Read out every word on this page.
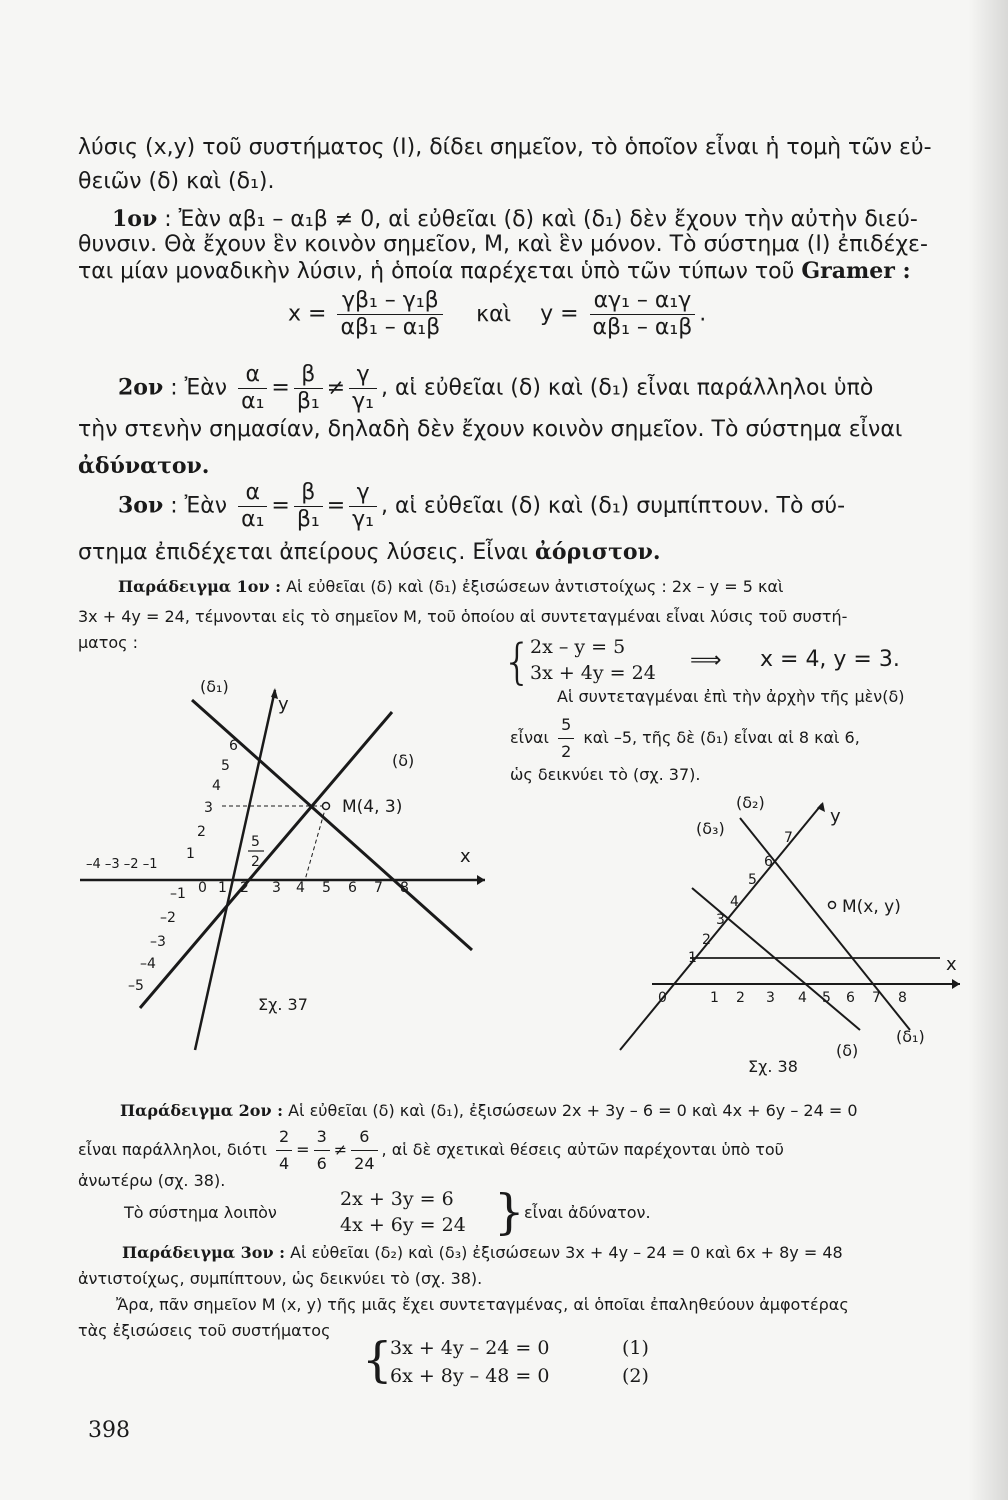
λύσις (x,y) τοῦ συστήματος (Ι), δίδει σημεῖον, τὸ ὁποῖον εἶναι ἡ τομὴ τῶν εὐ-
θειῶν (δ) καὶ (δ₁).
1ον : Ἐὰν αβ₁ – α₁β ≠ 0, αἱ εὐθεῖαι (δ) καὶ (δ₁) δὲν ἔχουν τὴν αὐτὴν διεύ-
θυνσιν. Θὰ ἔχουν ἓν κοινὸν σημεῖον, Μ, καὶ ἓν μόνον. Τὸ σύστημα (Ι) ἐπιδέχε-
ται μίαν μοναδικὴν λύσιν, ἡ ὁποία παρέχεται ὑπὸ τῶν τύπων τοῦ Gramer :
$x = \frac{\text{γβ₁ – γ₁β}}{\text{αβ₁ – α₁β}}$ καὶ $y = \frac{\text{αγ₁ – α₁γ}}{\text{αβ₁ – α₁β}}$ .
2ον : Ἐὰν $\frac{\alpha}{\text{α₁}} = \frac{\beta}{\text{β₁}} \ne \frac{\gamma}{\text{γ₁}}$ , αἱ εὐθεῖαι (δ) καὶ (δ₁) εἶναι παράλληλοι ὑπὸ
τὴν στενὴν σημασίαν, δηλαδὴ δὲν ἔχουν κοινὸν σημεῖον. Τὸ σύστημα εἶναι
ἀδύνατον.
3ον : Ἐὰν $\frac{\alpha}{\text{α₁}} = \frac{\beta}{\text{β₁}} = \frac{\gamma}{\text{γ₁}}$ , αἱ εὐθεῖαι (δ) καὶ (δ₁) συμπίπτουν. Τὸ σύ-
στημα ἐπιδέχεται ἀπείρους λύσεις. Εἶναι ἀόριστον.
Παράδειγμα 1ον : Αἱ εὐθεῖαι (δ) καὶ (δ₁) ἐξισώσεων ἀντιστοίχως : 2x – y = 5 καὶ
3x + 4y = 24, τέμνονται εἰς τὸ σημεῖον Μ, τοῦ ὁποίου αἱ συντεταγμέναι εἶναι λύσις τοῦ συστή-
ματος :	{
2x – y = 5
3x + 4y = 24 ⟹ x = 4, y = 3.
Αἱ συντεταγμέναι ἐπὶ τὴν ἀρχὴν τῆς μὲν(δ)
εἶναι $\frac{5}{2}$ καὶ –5, τῆς δὲ (δ₁) εἶναι αἱ 8 καὶ 6,
ὡς δεικνύει τὸ (σχ. 37).
x
y
(δ₁)
(δ)
Μ(4, 3)
–4 –3 –2 –1
0 1 2 3 4 5 6 7 8
1
2
3
4
5
6
–1
–2
–3
–4
–5
5
2
Σχ. 37
x
y
(δ₂)
(δ₃)
(δ)
(δ₁)
Μ(x, y)
0	1 2 3 4 5 6 7 8
1
2
3
4
5
6
7
Σχ. 38
Παράδειγμα 2ον : Αἱ εὐθεῖαι (δ) καὶ (δ₁), ἐξισώσεων 2x + 3y – 6 = 0 καὶ 4x + 6y – 24 = 0
εἶναι παράλληλοι, διότι $\frac{2}{4} = \frac{3}{6} \ne \frac{6}{24}$ , αἱ δὲ σχετικαὶ θέσεις αὐτῶν παρέχονται ὑπὸ τοῦ
ἀνωτέρω (σχ. 38).
Τὸ σύστημα λοιπὸν
2x + 3y = 6
4x + 6y = 24 } εἶναι ἀδύνατον.
Παράδειγμα 3ον : Αἱ εὐθεῖαι (δ₂) καὶ (δ₃) ἐξισώσεων 3x + 4y – 24 = 0 καὶ 6x + 8y = 48
ἀντιστοίχως, συμπίπτουν, ὡς δεικνύει τὸ (σχ. 38).
Ἄρα, πᾶν σημεῖον Μ (x, y) τῆς μιᾶς ἔχει συντεταγμένας, αἱ ὁποῖαι ἐπαληθεύουν ἀμφοτέρας
τὰς ἐξισώσεις τοῦ συστήματος
{
3x + 4y – 24 = 0
6x + 8y – 48 = 0
(1)
(2)
398
